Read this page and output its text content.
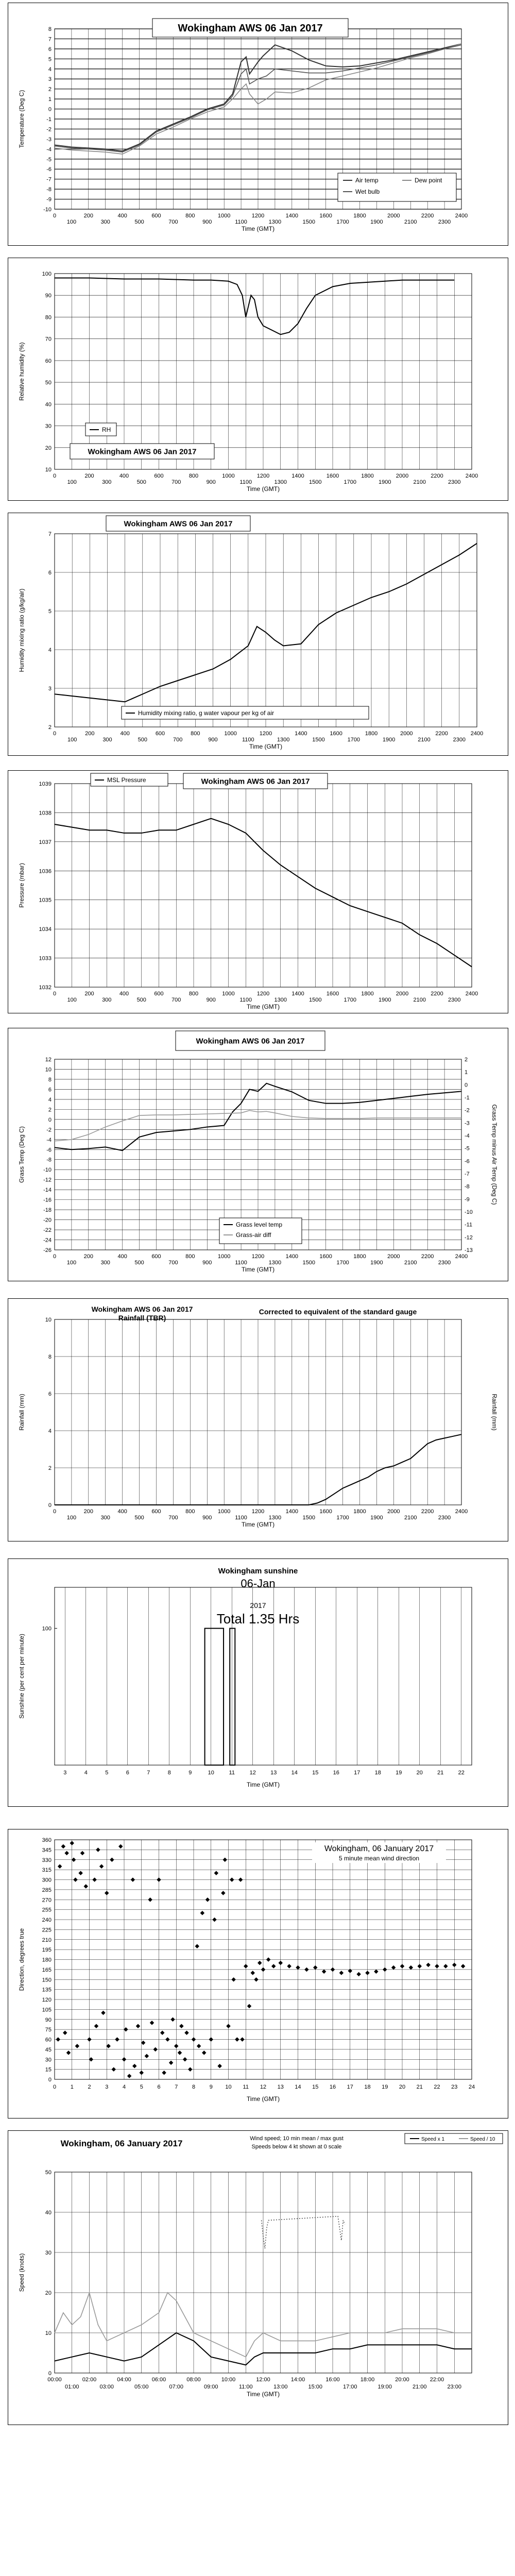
8
7
6
5
4
3
2
1
0
-1
-2
-3
-4
-5
-6
-7
-8
-9
-10
0
100
200
300
400
500
600
700
800
900
1000
1100
1200
1300
1400
1500
1600
1700
1800
1900
2000
2100
2200
2300
2400
Time (GMT)
Temperature (Deg C)
Wokingham AWS 06 Jan 2017
Air temp	Dew point
Wet bulb
100
90
80
70
60
50
40
30
20
10
0
100
200
300
400
500
600
700
800
900
1000
1100
1200
1300
1400
1500
1600
1700
1800
1900
2000
2100
2200
2300
2400
Time (GMT)
Relative humidity (%)
Wokingham AWS 06 Jan 2017
RH
7
6
5
4
3
2
0
100
200
300
400
500
600
700
800
900
1000
1100
1200
1300
1400
1500
1600
1700
1800
1900
2000
2100
2200
2300
2400
Time (GMT)
Humidity mixing ratio (g/kg/air)
Wokingham AWS 06 Jan 2017
Humidity mixing ratio, g water vapour per kg of air
1039
1038
1037
1036
1035
1034
1033
1032
0
100
200
300
400
500
600
700
800
900
1000
1100
1200
1300
1400
1500
1600
1700
1800
1900
2000
2100
2200
2300
2400
Time (GMT)
Pressure (mbar)
Wokingham AWS 06 Jan 2017
MSL Pressure
12
10
8
6
4
2
0
-2
-4
-6
-8
-10
-12
-14
-16
-18
-20
-22
-24
-26
2
1
0
-1
-2
-3
-4
-5
-6
-7
-8
-9
-10
-11
-12
-13
0
100
200
300
400
500
600
700
800
900
1000
1100
1200
1300
1400
1500
1600
1700
1800
1900
2000
2100
2200
2300
2400
Time (GMT)
Grass Temp (Deg C)	Grass Temp minus Air Temp (Deg C)
Wokingham AWS 06 Jan 2017
Grass level temp
Grass-air diff
10
8
6
4
2
0
0
100
200
300
400
500
600
700
800
900
1000
1100
1200
1300
1400
1500
1600
1700
1800
1900
2000
2100
2200
2300
2400
Time (GMT)
Rainfall (mm)	Rainfall (mm)
Wokingham AWS 06 Jan 2017
Rainfall (TBR)
Corrected to equivalent of the standard gauge
100
3	4	5	6	7	8	9	10	11	12	13	14	15	16	17	18	19	20	21	22
Time (GMT)
Sunshine (per cent per minute)
Wokingham sunshine
06-Jan
2017
Total 1.35 Hrs
360
345
330
315
300
285
270
255
240
225
210
195
180
165
150
135
120
105
90
75
60
45
30
15
0
0	1	2	3	4	5	6	7	8	9 10 11 12 13 14 15 16 17 18 19 20 21 22 23 24
Time (GMT)
Direction, degrees true
Wokingham, 06 January 2017
5 minute mean wind direction
50
40
30
20
10
0
00:00	02:00	04:00	06:00	08:00	10:00	12:00	14:00	16:00	18:00	20:00	22:00
01:00	03:00	05:00	07:00	09:00	11:00	13:00	15:00	17:00	19:00	21:00	23:00
Time (GMT)
Speed (knots)
Speed x 1	Speed / 10
Wokingham, 06 January 2017	Wind speed; 10 min mean / max gust
Speeds below 4 kt shown at 0 scale
